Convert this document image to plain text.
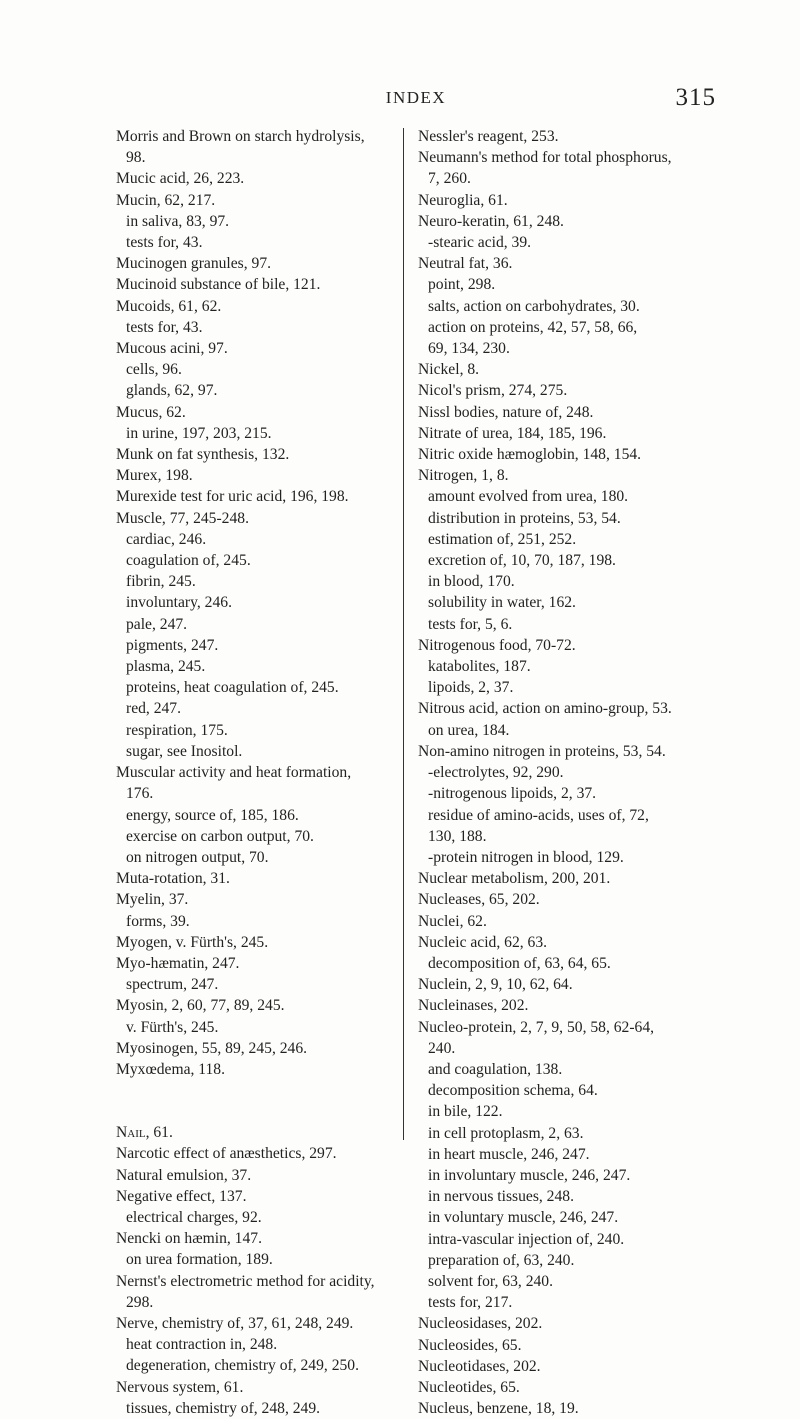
INDEX	315
Morris and Brown on starch hydrolysis,
98.
Mucic acid, 26, 223.
Mucin, 62, 217.
in saliva, 83, 97.
tests for, 43.
Mucinogen granules, 97.
Mucinoid substance of bile, 121.
Mucoids, 61, 62.
tests for, 43.
Mucous acini, 97.
cells, 96.
glands, 62, 97.
Mucus, 62.
in urine, 197, 203, 215.
Munk on fat synthesis, 132.
Murex, 198.
Murexide test for uric acid, 196, 198.
Muscle, 77, 245-248.
cardiac, 246.
coagulation of, 245.
fibrin, 245.
involuntary, 246.
pale, 247.
pigments, 247.
plasma, 245.
proteins, heat coagulation of, 245.
red, 247.
respiration, 175.
sugar, see Inositol.
Muscular activity and heat formation,
176.
energy, source of, 185, 186.
exercise on carbon output, 70.
on nitrogen output, 70.
Muta-rotation, 31.
Myelin, 37.
forms, 39.
Myogen, v. Fürth's, 245.
Myo-hæmatin, 247.
spectrum, 247.
Myosin, 2, 60, 77, 89, 245.
v. Fürth's, 245.
Myosinogen, 55, 89, 245, 246.
Myxœdema, 118.
Nail, 61.
Narcotic effect of anæsthetics, 297.
Natural emulsion, 37.
Negative effect, 137.
electrical charges, 92.
Nencki on hæmin, 147.
on urea formation, 189.
Nernst's electrometric method for acidity,
298.
Nerve, chemistry of, 37, 61, 248, 249.
heat contraction in, 248.
degeneration, chemistry of, 249, 250.
Nervous system, 61.
tissues, chemistry of, 248, 249.
Nessler's reagent, 253.
Neumann's method for total phosphorus,
7, 260.
Neuroglia, 61.
Neuro-keratin, 61, 248.
-stearic acid, 39.
Neutral fat, 36.
point, 298.
salts, action on carbohydrates, 30.
action on proteins, 42, 57, 58, 66,
69, 134, 230.
Nickel, 8.
Nicol's prism, 274, 275.
Nissl bodies, nature of, 248.
Nitrate of urea, 184, 185, 196.
Nitric oxide hæmoglobin, 148, 154.
Nitrogen, 1, 8.
amount evolved from urea, 180.
distribution in proteins, 53, 54.
estimation of, 251, 252.
excretion of, 10, 70, 187, 198.
in blood, 170.
solubility in water, 162.
tests for, 5, 6.
Nitrogenous food, 70-72.
katabolites, 187.
lipoids, 2, 37.
Nitrous acid, action on amino-group, 53.
on urea, 184.
Non-amino nitrogen in proteins, 53, 54.
-electrolytes, 92, 290.
-nitrogenous lipoids, 2, 37.
residue of amino-acids, uses of, 72,
130, 188.
-protein nitrogen in blood, 129.
Nuclear metabolism, 200, 201.
Nucleases, 65, 202.
Nuclei, 62.
Nucleic acid, 62, 63.
decomposition of, 63, 64, 65.
Nuclein, 2, 9, 10, 62, 64.
Nucleinases, 202.
Nucleo-protein, 2, 7, 9, 50, 58, 62-64,
240.
and coagulation, 138.
decomposition schema, 64.
in bile, 122.
in cell protoplasm, 2, 63.
in heart muscle, 246, 247.
in involuntary muscle, 246, 247.
in nervous tissues, 248.
in voluntary muscle, 246, 247.
intra-vascular injection of, 240.
preparation of, 63, 240.
solvent for, 63, 240.
tests for, 217.
Nucleosidases, 202.
Nucleosides, 65.
Nucleotidases, 202.
Nucleotides, 65.
Nucleus, benzene, 18, 19.
